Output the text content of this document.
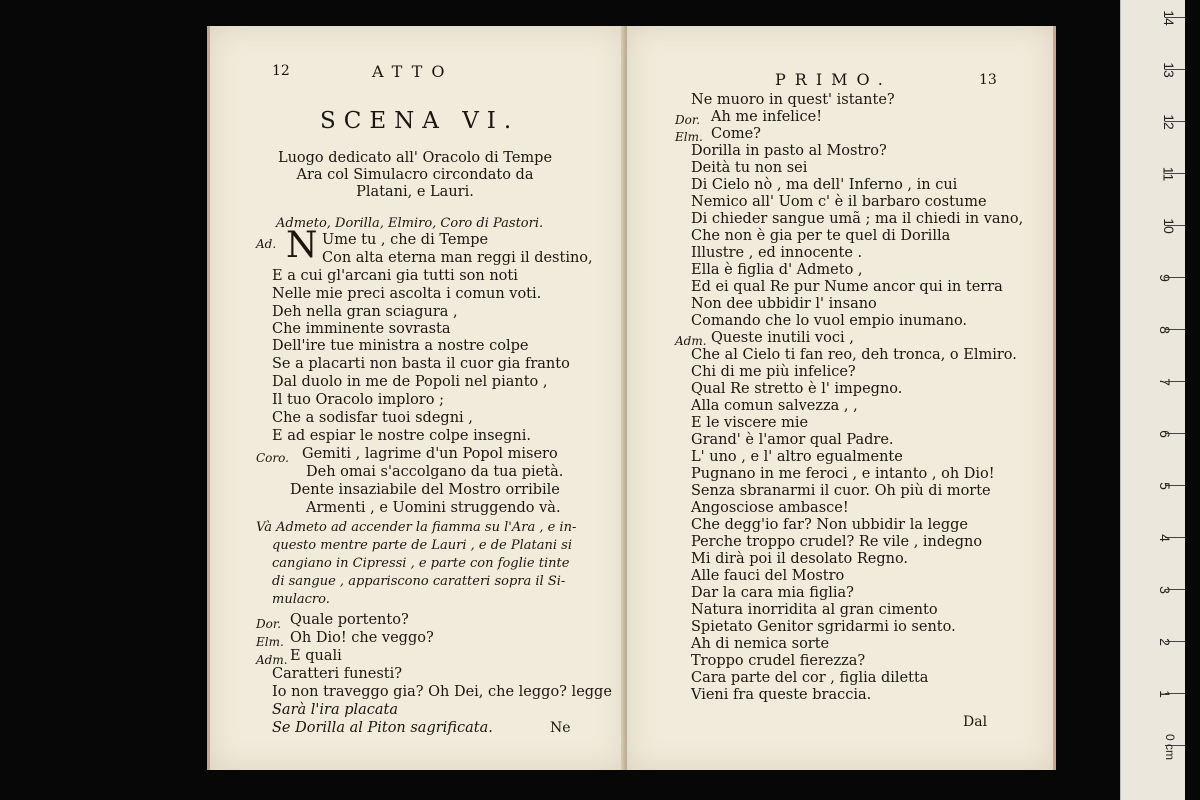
12	ATTO
SCENA VI.
Luogo dedicato all' Oracolo di Tempe
Ara col Simulacro circondato da
Platani, e Lauri.
Admeto, Dorilla, Elmiro, Coro di Pastori.
Ad. N Ume tu , che di Tempe
Con alta eterna man reggi il destino,
E a cui gl'arcani gia tutti son noti
Nelle mie preci ascolta i comun voti.
Deh nella gran sciagura ,
Che imminente sovrasta
Dell'ire tue ministra a nostre colpe
Se a placarti non basta il cuor gia franto
Dal duolo in me de Popoli nel pianto ,
Il tuo Oracolo imploro ;
Che a sodisfar tuoi sdegni ,
E ad espiar le nostre colpe insegni.
Coro. Gemiti , lagrime d'un Popol misero
Deh omai s'accolgano da tua pietà.
Dente insaziabile del Mostro orribile
Armenti , e Uomini struggendo và.
Và Admeto ad accender la fiamma su l'Ara , e in-
questo mentre parte de Lauri , e de Platani si
cangiano in Cipressi , e parte con foglie tinte
di sangue , appariscono caratteri sopra il Si-
mulacro.
Dor. Quale portento?
Elm. Oh Dio! che veggo?
Adm. E quali
Caratteri funesti?
Io non traveggo gia? Oh Dei, che leggo? legge
Sarà l'ira placata
Se Dorilla al Piton sagrificata.	Ne
PRIMO.	13
Ne muoro in quest' istante?
Dor. Ah me infelice!
Elm. Come?
Dorilla in pasto al Mostro?
Deità tu non sei
Di Cielo nò , ma dell' Inferno , in cui
Nemico all' Uom c' è il barbaro costume
Di chieder sangue umã ; ma il chiedi in vano,
Che non è gia per te quel di Dorilla
Illustre , ed innocente .
Ella è figlia d' Admeto ,
Ed ei qual Re pur Nume ancor qui in terra
Non dee ubbidir l' insano
Comando che lo vuol empio inumano.
Adm. Queste inutili voci ,
Che al Cielo ti fan reo, deh tronca, o Elmiro.
Chi di me più infelice?
Qual Re stretto è l' impegno.
Alla comun salvezza , ,
E le viscere mie
Grand' è l'amor qual Padre.
L' uno , e l' altro egualmente
Pugnano in me feroci , e intanto , oh Dio!
Senza sbranarmi il cuor. Oh più di morte
Angosciose ambasce!
Che degg'io far? Non ubbidir la legge
Perche troppo crudel? Re vile , indegno
Mi dirà poi il desolato Regno.
Alle fauci del Mostro
Dar la cara mia figlia?
Natura inorridita al gran cimento
Spietato Genitor sgridarmi io sento.
Ah di nemica sorte
Troppo crudel fierezza?
Cara parte del cor , figlia diletta
Vieni fra queste braccia.
Dal
1
2
3
4
5
6
7
8
9
10
11
12
13
14
0 cm
